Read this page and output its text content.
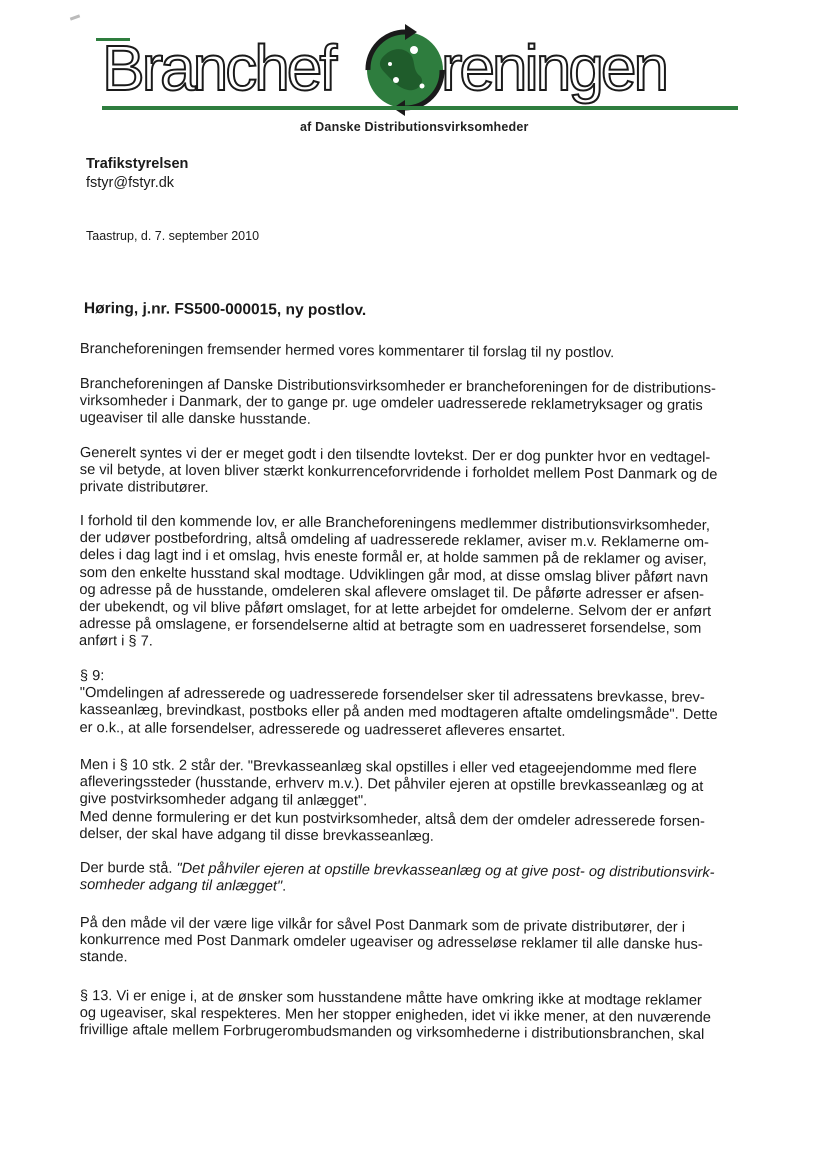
Branchef reningen
af Danske Distributionsvirksomheder
Trafikstyrelsen
fstyr@fstyr.dk
Taastrup, d. 7. september 2010
Høring, j.nr. FS500-000015, ny postlov.

Brancheforeningen fremsender hermed vores kommentarer til forslag til ny postlov.

Brancheforeningen af Danske Distributionsvirksomheder er brancheforeningen for de distributions-

virksomheder i Danmark, der to gange pr. uge omdeler uadresserede reklametryksager og gratis

ugeaviser til alle danske husstande.

Generelt syntes vi der er meget godt i den tilsendte lovtekst. Der er dog punkter hvor en vedtagel-

se vil betyde, at loven bliver stærkt konkurrenceforvridende i forholdet mellem Post Danmark og de

private distributører.

I forhold til den kommende lov, er alle Brancheforeningens medlemmer distributionsvirksomheder,

der udøver postbefordring, altså omdeling af uadresserede reklamer, aviser m.v. Reklamerne om-

deles i dag lagt ind i et omslag, hvis eneste formål er, at holde sammen på de reklamer og aviser,

som den enkelte husstand skal modtage. Udviklingen går mod, at disse omslag bliver påført navn

og adresse på de husstande, omdeleren skal aflevere omslaget til. De påførte adresser er afsen-

der ubekendt, og vil blive påført omslaget, for at lette arbejdet for omdelerne. Selvom der er anført

adresse på omslagene, er forsendelserne altid at betragte som en uadresseret forsendelse, som

anført i § 7.

§ 9:

"Omdelingen af adresserede og uadresserede forsendelser sker til adressatens brevkasse, brev-

kasseanlæg, brevindkast, postboks eller på anden med modtageren aftalte omdelingsmåde". Dette

er o.k., at alle forsendelser, adresserede og uadresseret afleveres ensartet.

Men i § 10 stk. 2 står der. "Brevkasseanlæg skal opstilles i eller ved etageejendomme med flere

afleveringssteder (husstande, erhverv m.v.). Det påhviler ejeren at opstille brevkasseanlæg og at

give postvirksomheder adgang til anlægget".

Med denne formulering er det kun postvirksomheder, altså dem der omdeler adresserede forsen-

delser, der skal have adgang til disse brevkasseanlæg.

Der burde stå. "Det påhviler ejeren at opstille brevkasseanlæg og at give post- og distributionsvirk-

somheder adgang til anlægget".

På den måde vil der være lige vilkår for såvel Post Danmark som de private distributører, der i

konkurrence med Post Danmark omdeler ugeaviser og adresseløse reklamer til alle danske hus-

stande.

§ 13. Vi er enige i, at de ønsker som husstandene måtte have omkring ikke at modtage reklamer

og ugeaviser, skal respekteres. Men her stopper enigheden, idet vi ikke mener, at den nuværende

frivillige aftale mellem Forbrugerombudsmanden og virksomhederne i distributionsbranchen, skal
